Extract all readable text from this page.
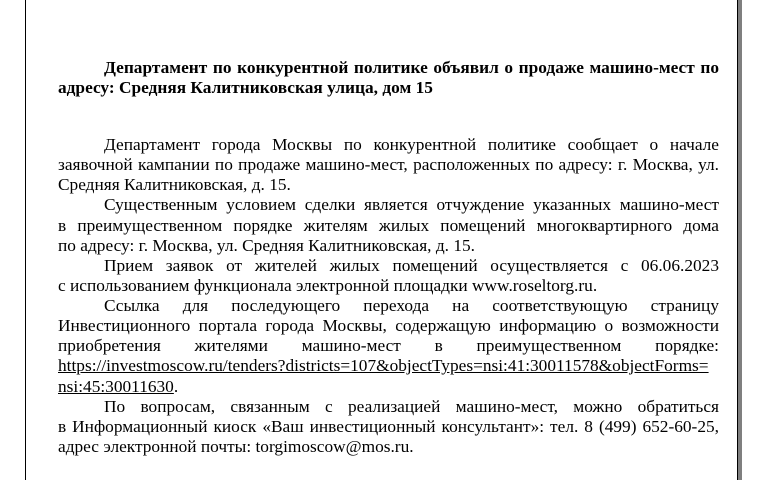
Департамент по конкурентной политике объявил о продаже машино-мест по
адресу: Средняя Калитниковская улица, дом 15
Департамент города Москвы по конкурентной политике сообщает о начале
заявочной кампании по продаже машино-мест, расположенных по адресу: г. Москва, ул.
Средняя Калитниковская, д. 15.
Существенным условием сделки является отчуждение указанных машино-мест
в преимущественном порядке жителям жилых помещений многоквартирного дома
по адресу: г. Москва, ул. Средняя Калитниковская, д. 15.
Прием заявок от жителей жилых помещений осуществляется с 06.06.2023
с использованием функционала электронной площадки www.roseltorg.ru.
Ссылка для последующего перехода на соответствующую страницу
Инвестиционного портала города Москвы, содержащую информацию о возможности
приобретения жителями машино-мест в преимущественном порядке:
https://investmoscow.ru/tenders?districts=107&objectTypes=nsi:41:30011578&objectForms=
nsi:45:30011630.
По вопросам, связанным с реализацией машино-мест, можно обратиться
в Информационный киоск «Ваш инвестиционный консультант»: тел. 8 (499) 652-60-25,
адрес электронной почты: torgimoscow@mos.ru.
